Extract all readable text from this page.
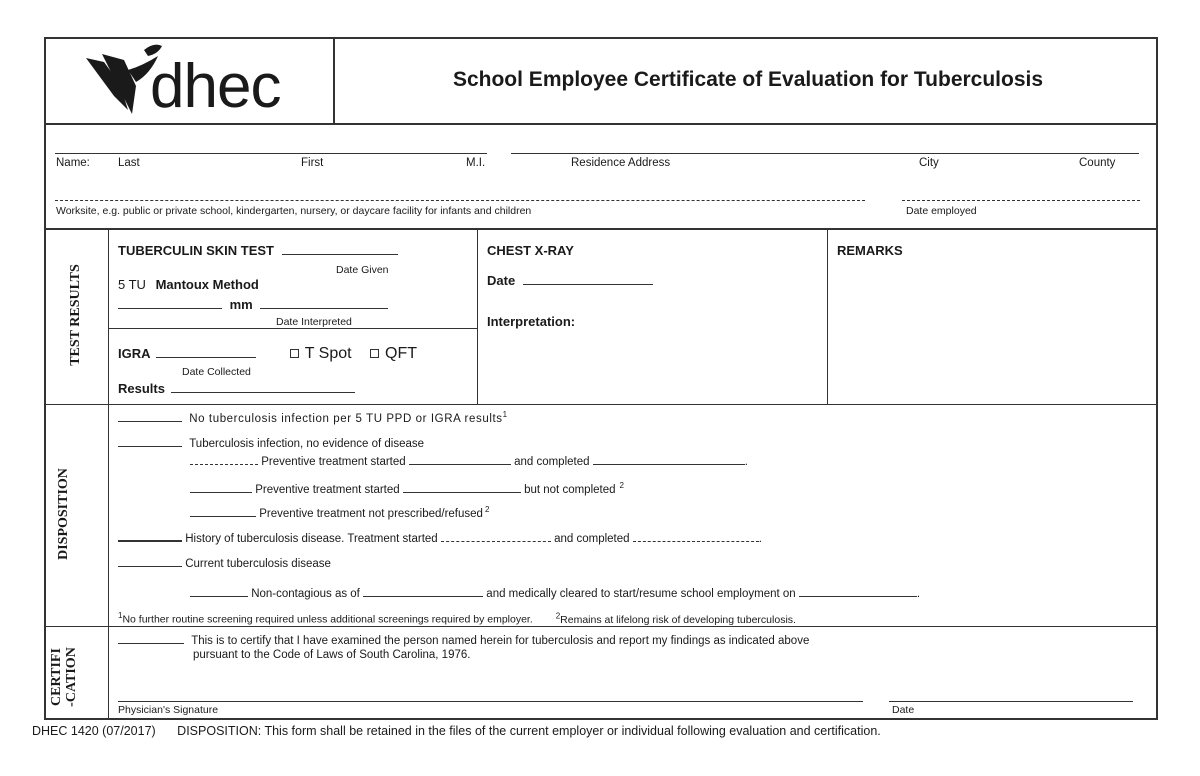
dhec	School Employee Certificate of Evaluation for Tuberculosis
Name: Last	First	M.I.	Residence Address	City	County
Worksite, e.g. public or private school, kindergarten, nursery, or daycare facility for infants and children	Date employed
TEST RESULTS
TUBERCULIN SKIN TEST
Date Given
5 TU Mantoux Method
mm
Date Interpreted
IGRA	T Spot QFT
Date Collected
Results
CHEST X-RAY
Date
Interpretation:
REMARKS
DISPOSITION
No tuberculosis infection per 5 TU PPD or IGRA results$^1$
Tuberculosis infection, no evidence of disease
Preventive treatment started	and completed	.
Preventive treatment started	but not completed $^2$
Preventive treatment not prescribed/refused $^2$
History of tuberculosis disease. Treatment started	and completed	.
Current tuberculosis disease
Non-contagious as of	and medically cleared to start/resume school employment on	.
$^1$No further routine screening required unless additional screenings required by employer.	$^2$Remains at lifelong risk of developing tuberculosis.
CERTIFI -CATION
This is to certify that I have examined the person named herein for tuberculosis and report my findings as indicated above
pursuant to the Code of Laws of South Carolina, 1976.
Physician's Signature	Date
DHEC 1420 (07/2017) DISPOSITION: This form shall be retained in the files of the current employer or individual following evaluation and certification.
